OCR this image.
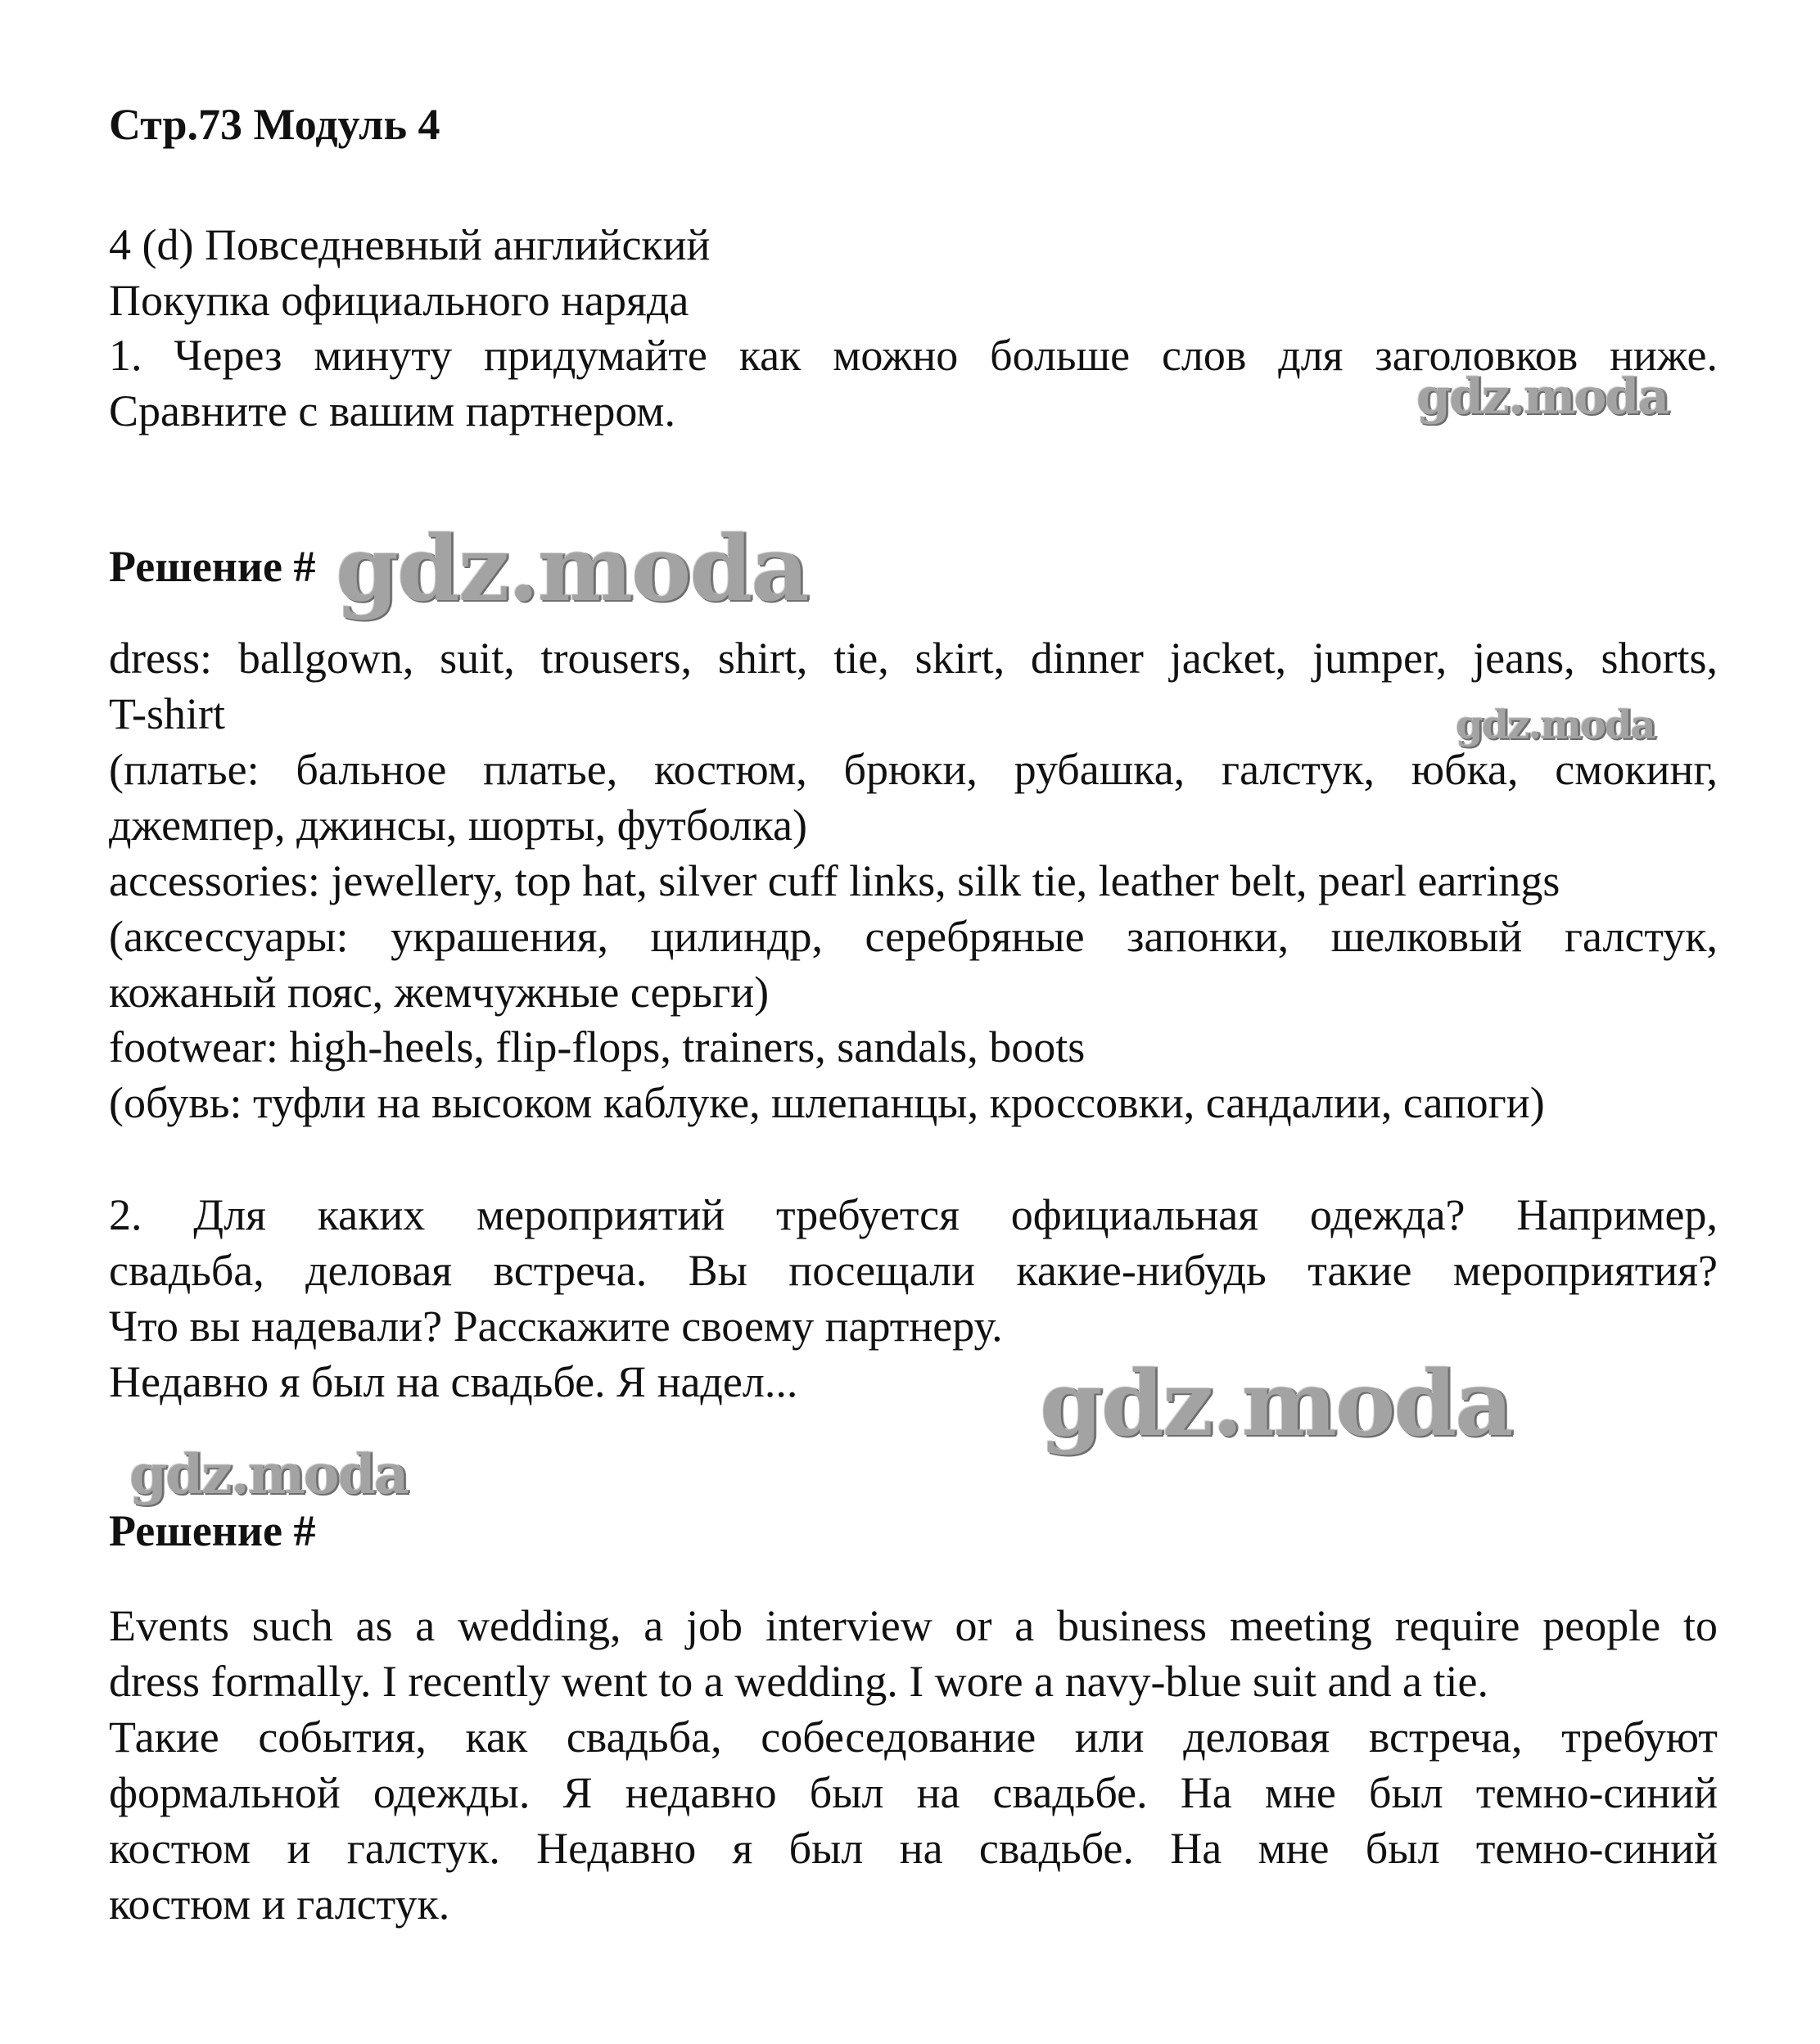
Стр.73 Модуль 4
4 (d) Повседневный английский
Покупка официального наряда
1. Через минуту придумайте как можно больше слов для заголовков ниже.
Сравните с вашим партнером.
Решение #
dress: ballgown, suit, trousers, shirt, tie, skirt, dinner jacket, jumper, jeans, shorts,
T-shirt
(платье: бальное платье, костюм, брюки, рубашка, галстук, юбка, смокинг,
джемпер, джинсы, шорты, футболка)
accessories: jewellery, top hat, silver cuff links, silk tie, leather belt, pearl earrings
(аксессуары: украшения, цилиндр, серебряные запонки, шелковый галстук,
кожаный пояс, жемчужные серьги)
footwear: high-heels, flip-flops, trainers, sandals, boots
(обувь: туфли на высоком каблуке, шлепанцы, кроссовки, сандалии, сапоги)
2. Для каких мероприятий требуется официальная одежда? Например,
свадьба, деловая встреча. Вы посещали какие-нибудь такие мероприятия?
Что вы надевали? Расскажите своему партнеру.
Недавно я был на свадьбе. Я надел...
Решение #
Events such as a wedding, a job interview or a business meeting require people to
dress formally. I recently went to a wedding. I wore a navy-blue suit and a tie.
Такие события, как свадьба, собеседование или деловая встреча, требуют
формальной одежды. Я недавно был на свадьбе. На мне был темно-синий
костюм и галстук. Недавно я был на свадьбе. На мне был темно-синий
костюм и галстук.
gdz.moda
gdz.moda
gdz.moda
gdz.moda
gdz.moda
